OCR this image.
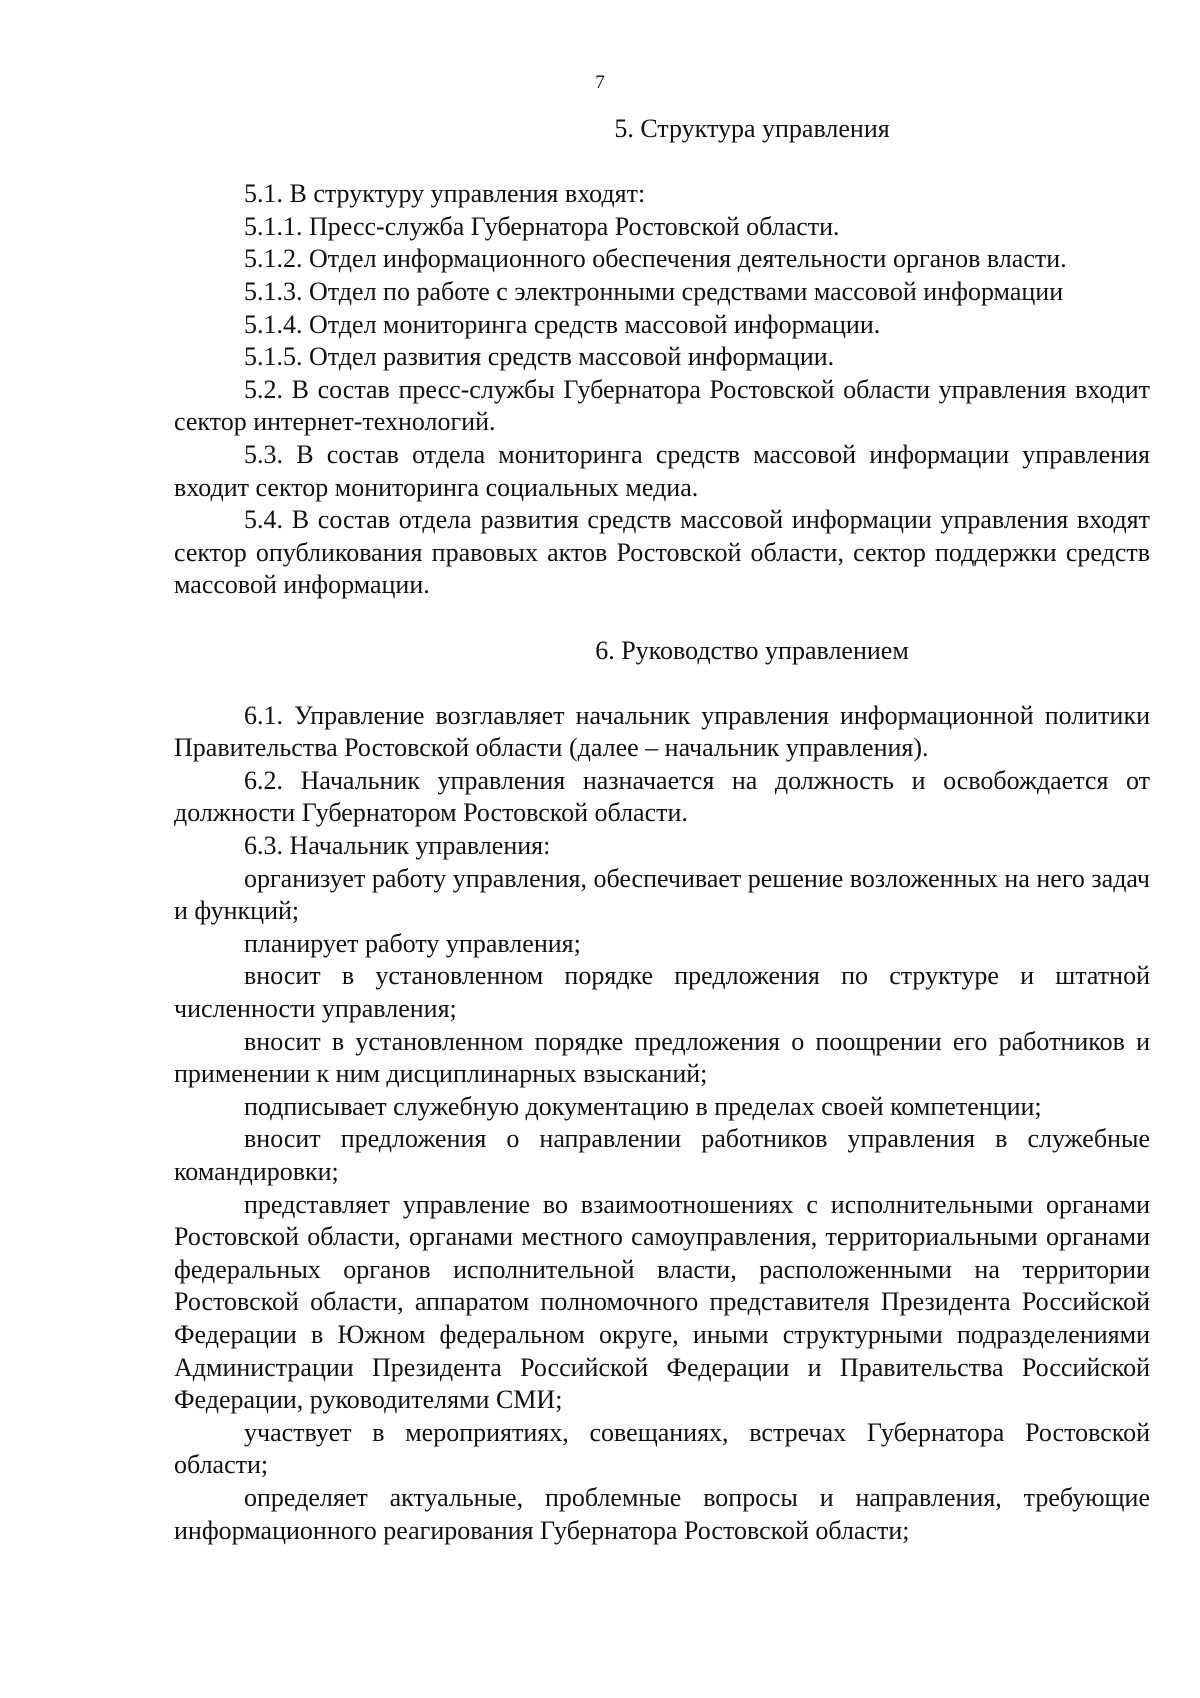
7

5. Структура управления

5.1. В структуру управления входят:

5.1.1. Пресс-служба Губернатора Ростовской области.

5.1.2. Отдел информационного обеспечения деятельности органов власти.

5.1.3. Отдел по работе с электронными средствами массовой информации

5.1.4. Отдел мониторинга средств массовой информации.

5.1.5. Отдел развития средств массовой информации.

5.2. В состав пресс-службы Губернатора Ростовской области управления входит сектор интернет-технологий.

5.3. В состав отдела мониторинга средств массовой информации управления входит сектор мониторинга социальных медиа.

5.4. В состав отдела развития средств массовой информации управления входят сектор опубликования правовых актов Ростовской области, сектор поддержки средств массовой информации.

6. Руководство управлением

6.1. Управление возглавляет начальник управления информационной политики Правительства Ростовской области (далее – начальник управления).

6.2. Начальник управления назначается на должность и освобождается от должности Губернатором Ростовской области.

6.3. Начальник управления:

организует работу управления, обеспечивает решение возложенных на него задач и функций;

планирует работу управления;

вносит в установленном порядке предложения по структуре и штатной численности управления;

вносит в установленном порядке предложения о поощрении его работников и применении к ним дисциплинарных взысканий;

подписывает служебную документацию в пределах своей компетенции;

вносит предложения о направлении работников управления в служебные командировки;

представляет управление во взаимоотношениях с исполнительными органами Ростовской области, органами местного самоуправления, территориальными органами федеральных органов исполнительной власти, расположенными на территории Ростовской области, аппаратом полномочного представителя Президента Российской Федерации в Южном федеральном округе, иными структурными подразделениями Администрации Президента Российской Федерации и Правительства Российской Федерации, руководителями СМИ;

участвует в мероприятиях, совещаниях, встречах Губернатора Ростовской области;

определяет актуальные, проблемные вопросы и направления, требующие информационного реагирования Губернатора Ростовской области;
